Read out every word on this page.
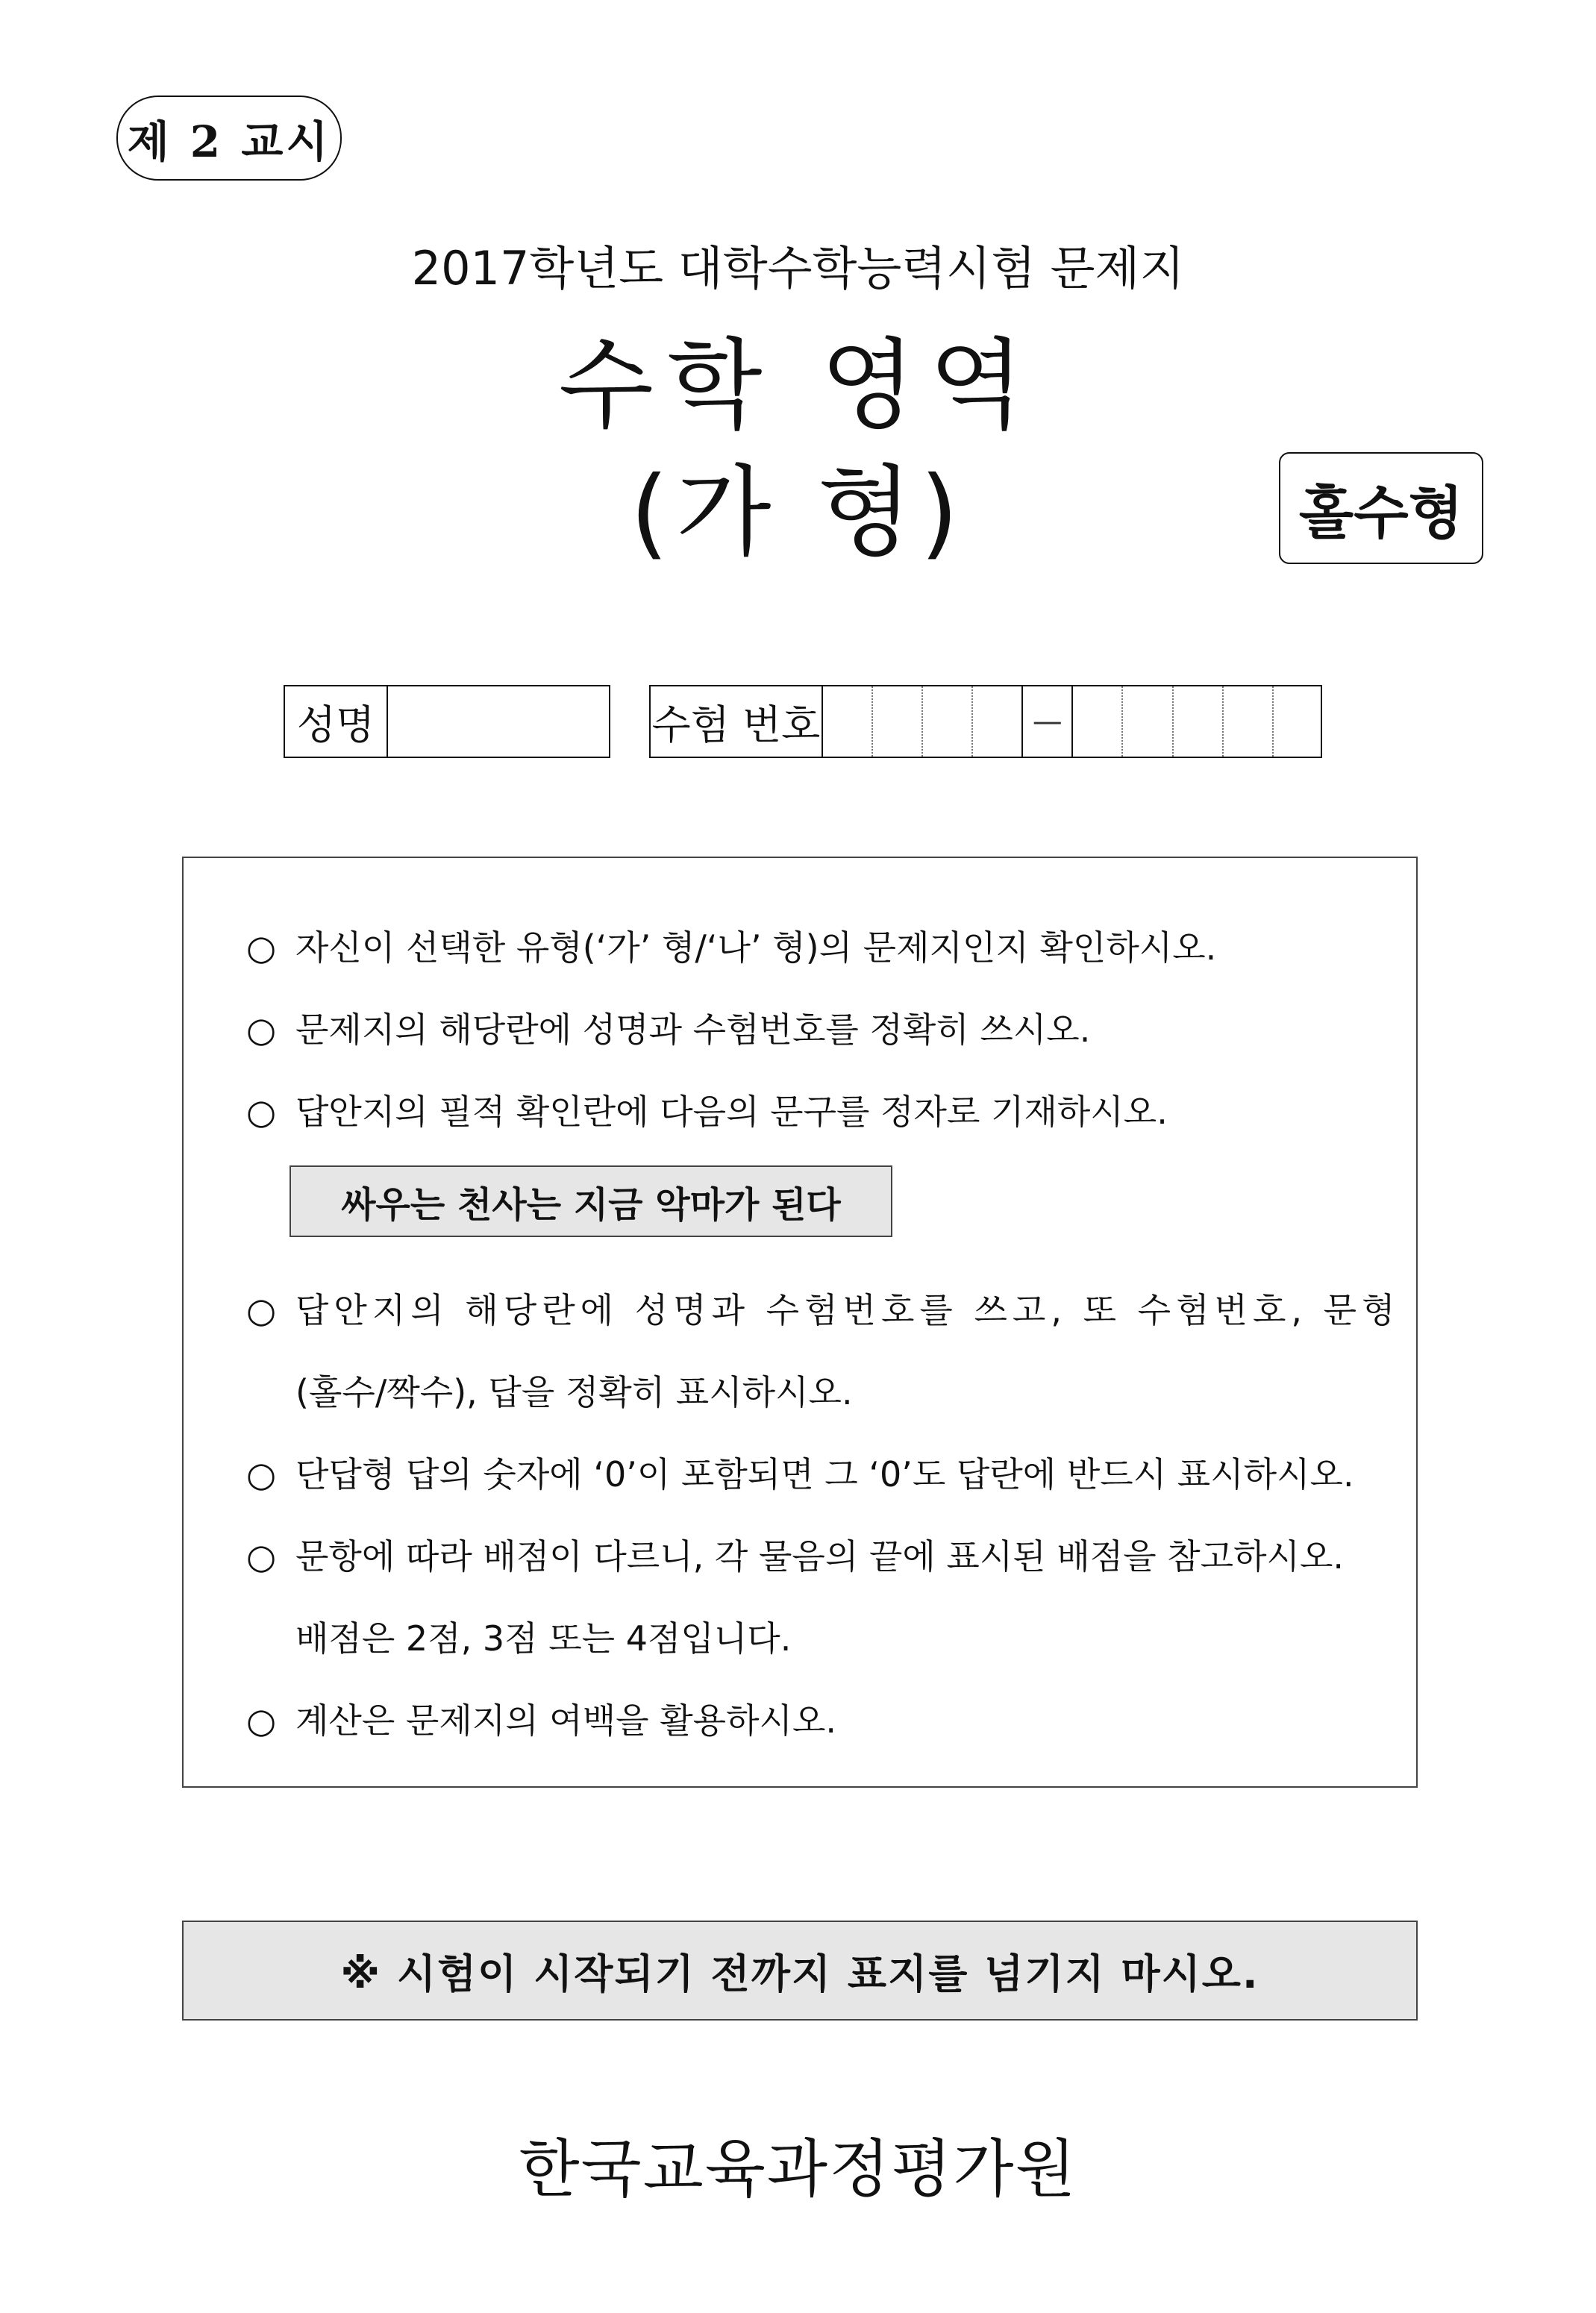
제 2 교시
2017학년도 대학수학능력시험 문제지
수학 영역
(가 형)	홀수형
성명	수험 번호	—
○ 자신이 선택한 유형(‘가’ 형/‘나’ 형)의 문제지인지 확인하시오.
○ 문제지의 해당란에 성명과 수험번호를 정확히 쓰시오.
○ 답안지의 필적 확인란에 다음의 문구를 정자로 기재하시오.
싸우는 천사는 지금 악마가 된다
○ 답안지의 해당란에 성명과 수험번호를 쓰고, 또 수험번호, 문형
(홀수/짝수), 답을 정확히 표시하시오.
○ 단답형 답의 숫자에 ‘0’이 포함되면 그 ‘0’도 답란에 반드시 표시하시오.
○ 문항에 따라 배점이 다르니, 각 물음의 끝에 표시된 배점을 참고하시오.
배점은 2점, 3점 또는 4점입니다.
○ 계산은 문제지의 여백을 활용하시오.
※ 시험이 시작되기 전까지 표지를 넘기지 마시오.
한국교육과정평가원
